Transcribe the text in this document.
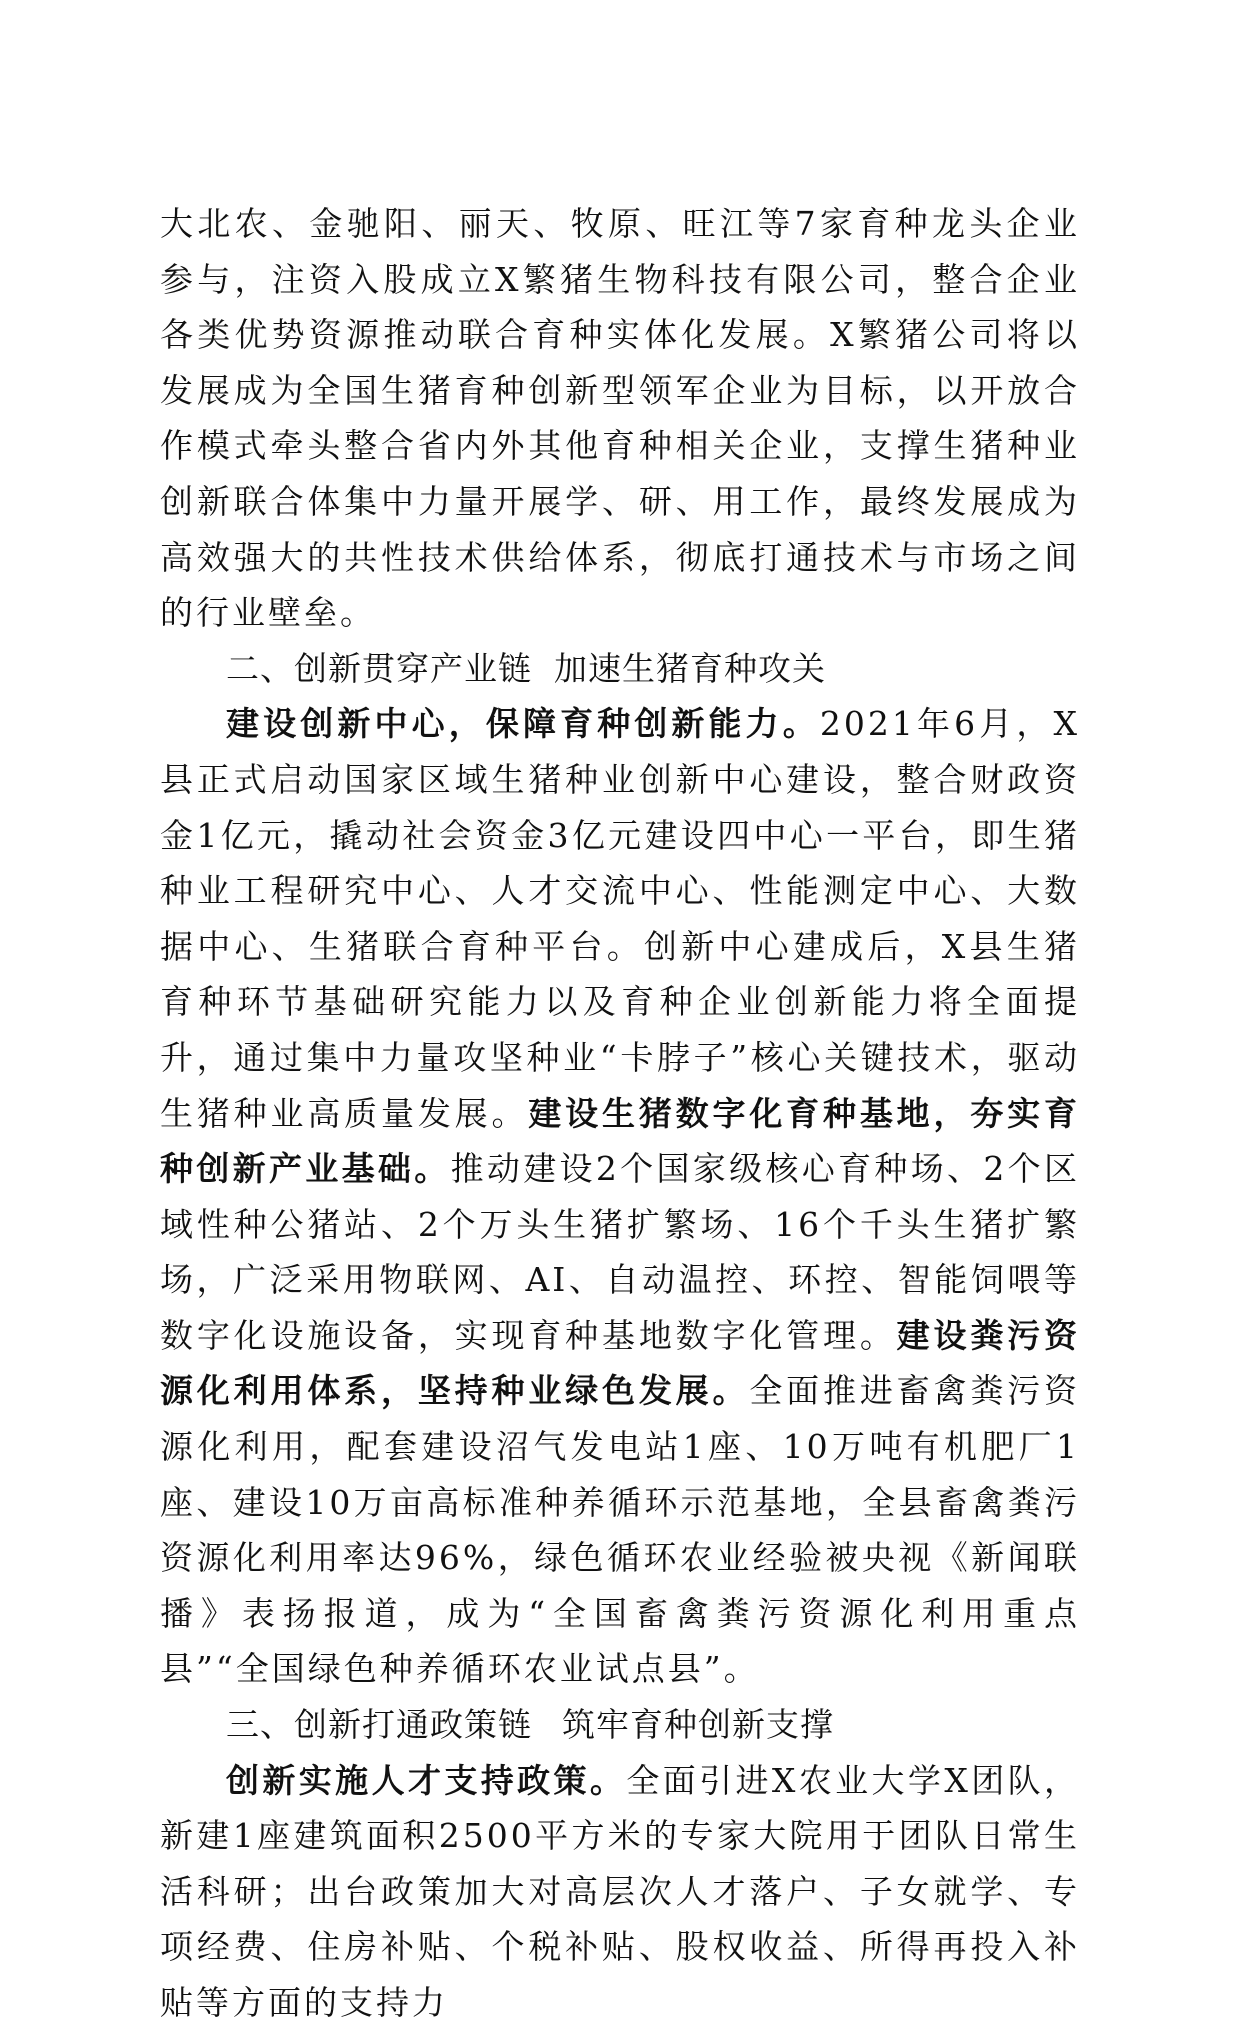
大北农、金驰阳、丽天、牧原、旺江等7家育种龙头企业参与，注资入股成立X繁猪生物科技有限公司，整合企业各类优势资源推动联合育种实体化发展。X繁猪公司将以发展成为全国生猪育种创新型领军企业为目标，以开放合作模式牵头整合省内外其他育种相关企业，支撑生猪种业创新联合体集中力量开展学、研、用工作，最终发展成为高效强大的共性技术供给体系，彻底打通技术与市场之间的行业壁垒。

二、创新贯穿产业链 加速生猪育种攻关

建设创新中心，保障育种创新能力。2021年6月，X县正式启动国家区域生猪种业创新中心建设，整合财政资金1亿元，撬动社会资金3亿元建设四中心一平台，即生猪种业工程研究中心、人才交流中心、性能测定中心、大数据中心、生猪联合育种平台。创新中心建成后，X县生猪育种环节基础研究能力以及育种企业创新能力将全面提升，通过集中力量攻坚种业“卡脖子”核心关键技术，驱动生猪种业高质量发展。建设生猪数字化育种基地，夯实育种创新产业基础。推动建设2个国家级核心育种场、2个区域性种公猪站、2个万头生猪扩繁场、16个千头生猪扩繁场，广泛采用物联网、AI、自动温控、环控、智能饲喂等数字化设施设备，实现育种基地数字化管理。建设粪污资源化利用体系，坚持种业绿色发展。全面推进畜禽粪污资源化利用，配套建设沼气发电站1座、10万吨有机肥厂1座、建设10万亩高标准种养循环示范基地，全县畜禽粪污资源化利用率达96%，绿色循环农业经验被央视《新闻联播》表扬报道，成为“全国畜禽粪污资源化利用重点县”“全国绿色种养循环农业试点县”。

三、创新打通政策链 筑牢育种创新支撑

创新实施人才支持政策。全面引进X农业大学X团队，新建1座建筑面积2500平方米的专家大院用于团队日常生活科研；出台政策加大对高层次人才落户、子女就学、专项经费、住房补贴、个税补贴、股权收益、所得再投入补贴等方面的支持力
